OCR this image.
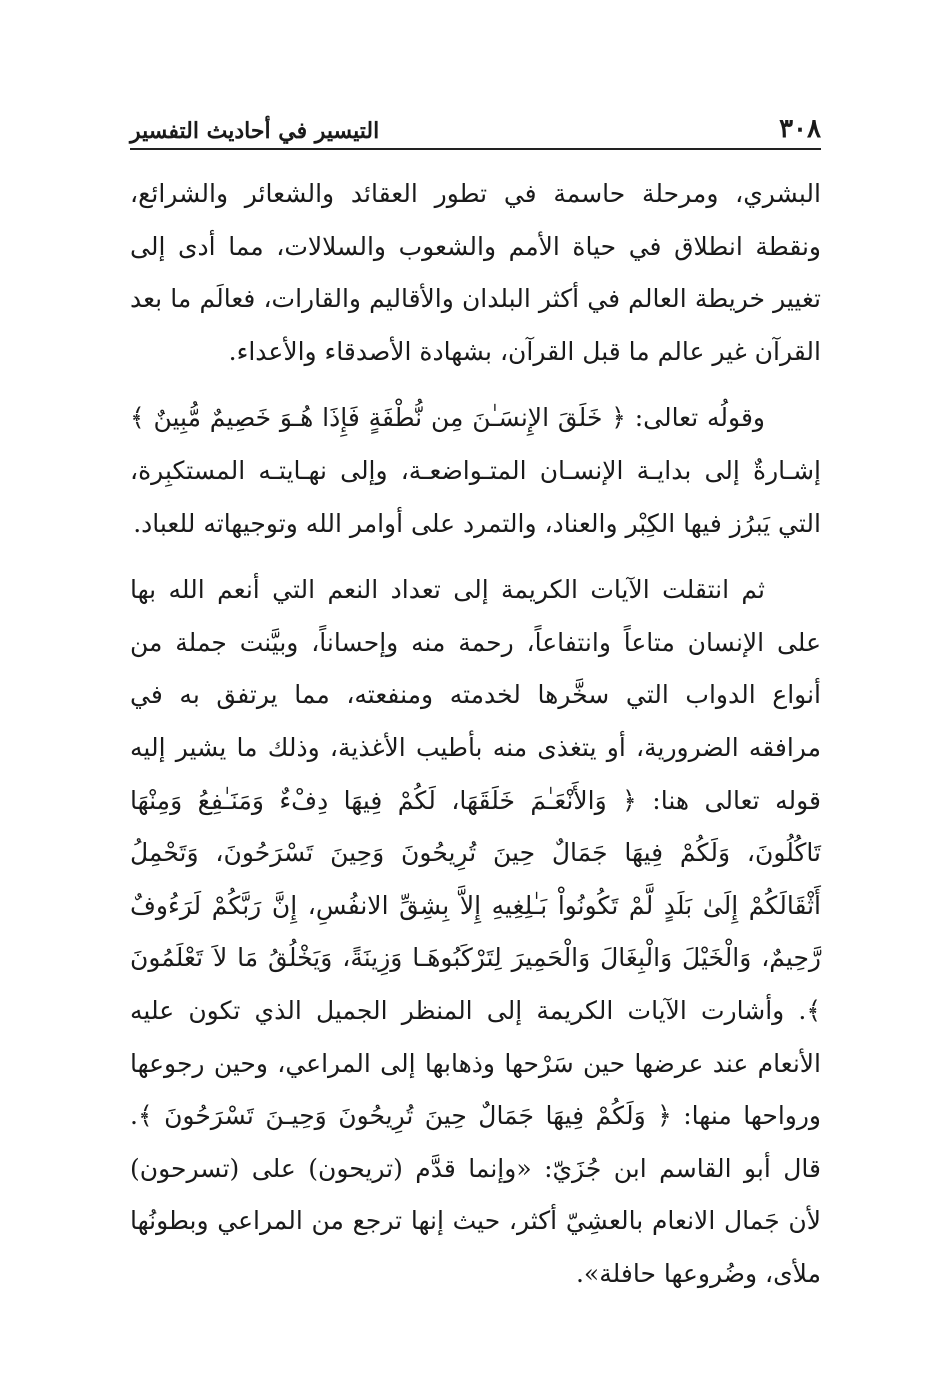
٣٠٨
التيسير في أحاديث التفسير

البشري، ومرحلة حاسمة في تطور العقائد والشعائر والشرائع، ونقطة انطلاق في حياة الأمم والشعوب والسلالات، مما أدى إلى تغيير خريطة العالم في أكثر البلدان والأقاليم والقارات، فعالَم ما بعد القرآن غير عالم ما قبل القرآن، بشهادة الأصدقاء والأعداء.

وقولُه تعالى: ﴿ خَلَقَ الإِنسَـٰنَ مِن نُّطْفَةٍ فَإِذَا هُـوَ خَصِيمٌ مُّبِينٌ ﴾ إشـارةٌ إلى بدايـة الإنسـان المتـواضعـة، وإلى نهـايتـه المستكبِرة، التي يَبرُز فيها الكِبْر والعناد، والتمرد على أوامر الله وتوجيهاته للعباد.

ثم انتقلت الآيات الكريمة إلى تعداد النعم التي أنعم الله بها على الإنسان متاعاً وانتفاعاً، رحمة منه وإحساناً، وبيَّنت جملة من أنواع الدواب التي سخَّرها لخدمته ومنفعته، مما يرتفق به في مرافقه الضرورية، أو يتغذى منه بأطيب الأغذية، وذلك ما يشير إليه قوله تعالى هنا: ﴿ وَالأَنْعَـٰمَ خَلَقَهَا، لَكُمْ فِيهَا دِفْءٌ وَمَنَـٰفِعُ وَمِنْهَا تَاكُلُونَ، وَلَكُمْ فِيهَا جَمَالٌ حِينَ تُرِيحُونَ وَحِينَ تَسْرَحُونَ، وَتَحْمِلُ أَثْقَالَكُمْ إِلَىٰ بَلَدٍ لَّمْ تَكُونُواْ بَـٰلِغِيهِ إِلاَّ بِشِقِّ الانفُسِ، إِنَّ رَبَّكُمْ لَرَءُوفٌ رَّحِيمٌ، وَالْخَيْلَ وَالْبِغَالَ وَالْحَمِيرَ لِتَرْكَبُوهَـا وَزِينَةً، وَيَخْلُقُ مَا لاَ تَعْلَمُونَ ﴾. وأشارت الآيات الكريمة إلى المنظر الجميل الذي تكون عليه الأنعام عند عرضها حين سَرْحها وذهابها إلى المراعي، وحين رجوعها ورواحها منها: ﴿ وَلَكُمْ فِيهَا جَمَالٌ حِينَ تُرِيحُونَ وَحِيـنَ تَسْرَحُونَ ﴾. قال أبو القاسم ابن جُزَيّ: «وإنما قدَّم (تريحون) على (تسرحون) لأن جَمال الانعام بالعشِيّ أكثر، حيث إنها ترجع من المراعي وبطونُها ملأى، وضُروعها حافلة».
